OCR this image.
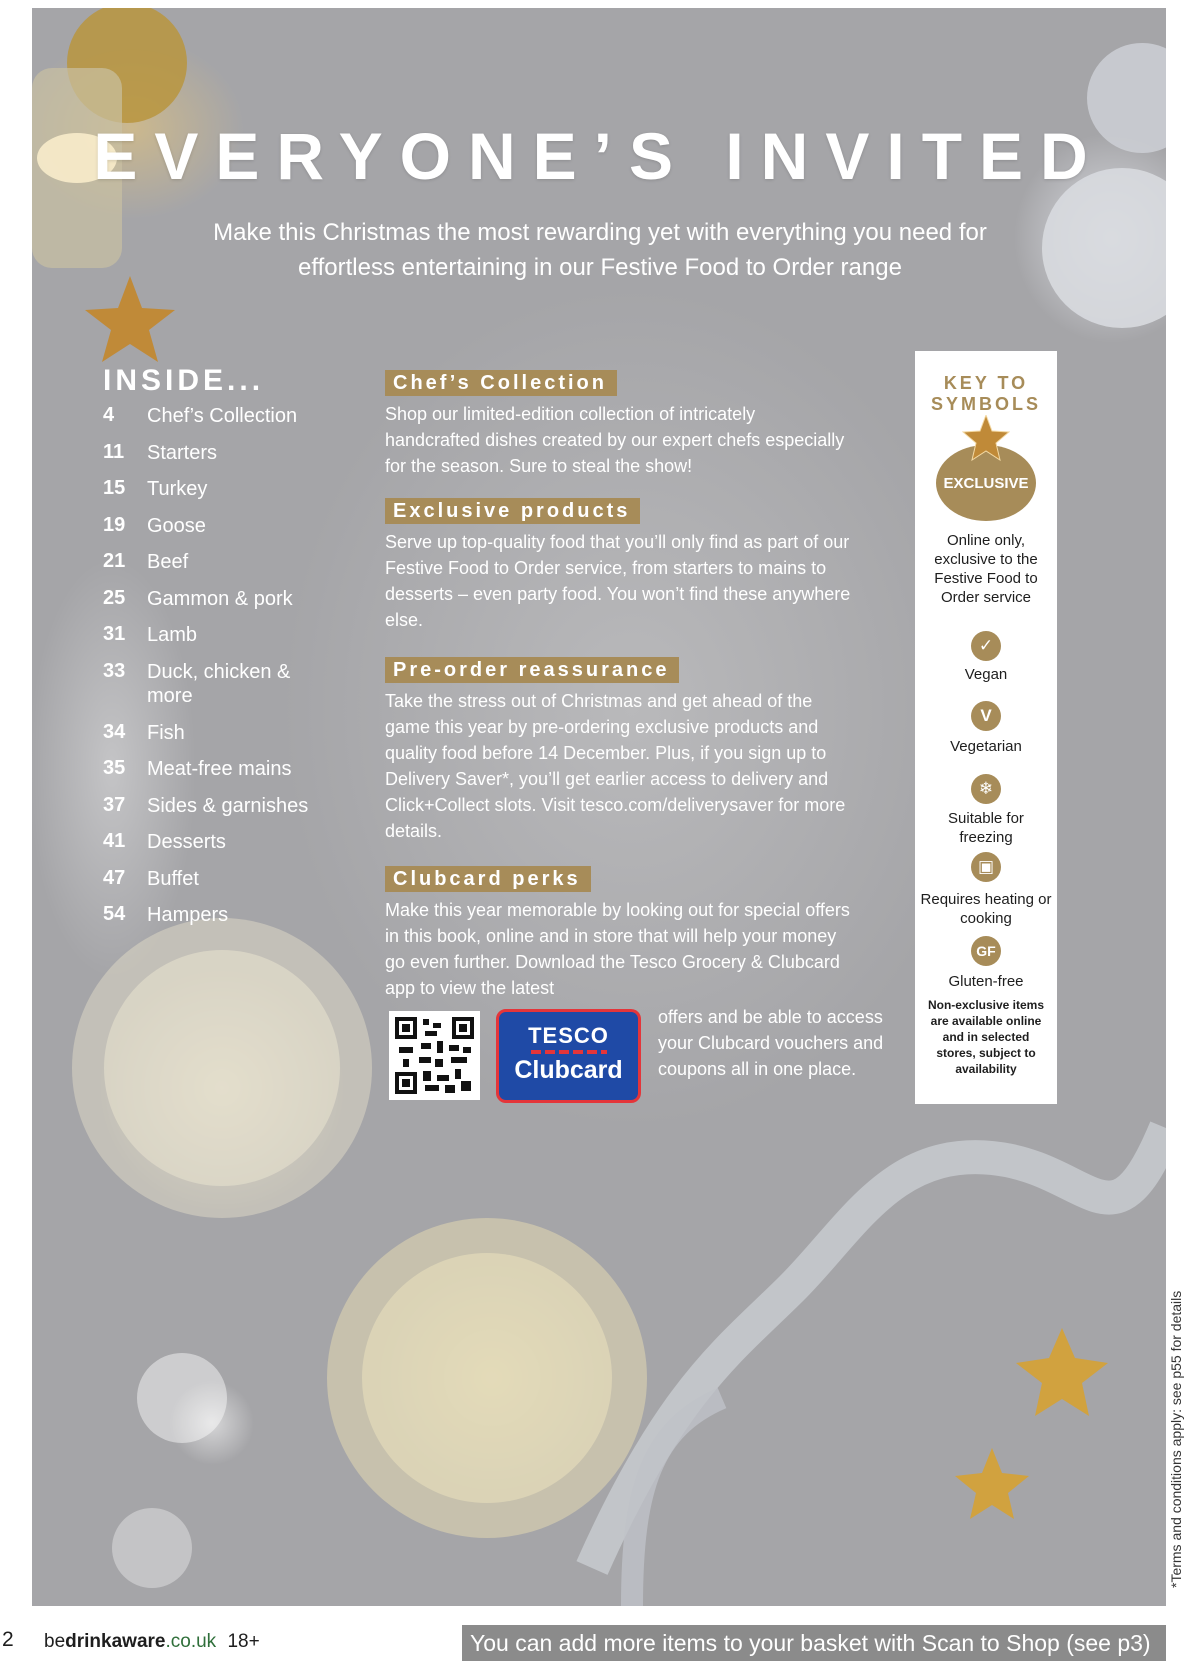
EVERYONE’S INVITED
Make this Christmas the most rewarding yet with everything you need for effortless entertaining in our Festive Food to Order range
INSIDE...
4	Chef’s Collection
11	Starters
15	Turkey
19	Goose
21	Beef
25	Gammon & pork
31	Lamb
33	Duck, chicken & more
34	Fish
35	Meat-free mains
37	Sides & garnishes
41	Desserts
47	Buffet
54	Hampers
Chef’s Collection
Shop our limited-edition collection of intricately handcrafted dishes created by our expert chefs especially for the season. Sure to steal the show!
Exclusive products
Serve up top-quality food that you’ll only find as part of our Festive Food to Order service, from starters to mains to desserts – even party food. You won’t find these anywhere else.
Pre-order reassurance
Take the stress out of Christmas and get ahead of the game this year by pre-ordering exclusive products and quality food before 14 December. Plus, if you sign up to Delivery Saver*, you’ll get earlier access to delivery and Click+Collect slots. Visit tesco.com/deliverysaver for more details.
Clubcard perks
Make this year memorable by looking out for special offers in this book, online and in store that will help your money go even further. Download the Tesco Grocery & Clubcard app to view the latest
TESCO
Clubcard
offers and be able to access your Clubcard vouchers and coupons all in one place.
KEY TO SYMBOLS
EXCLUSIVE
Online only, exclusive to the Festive Food to Order service
✓
Vegan
V
Vegetarian
❄
Suitable for freezing
▣
Requires heating or cooking
GF
Gluten-free
Non-exclusive items are available online and in selected stores, subject to availability
*Terms and conditions apply: see p55 for details
2 bedrinkaware.co.uk 18+	You can add more items to your basket with Scan to Shop (see p3)
